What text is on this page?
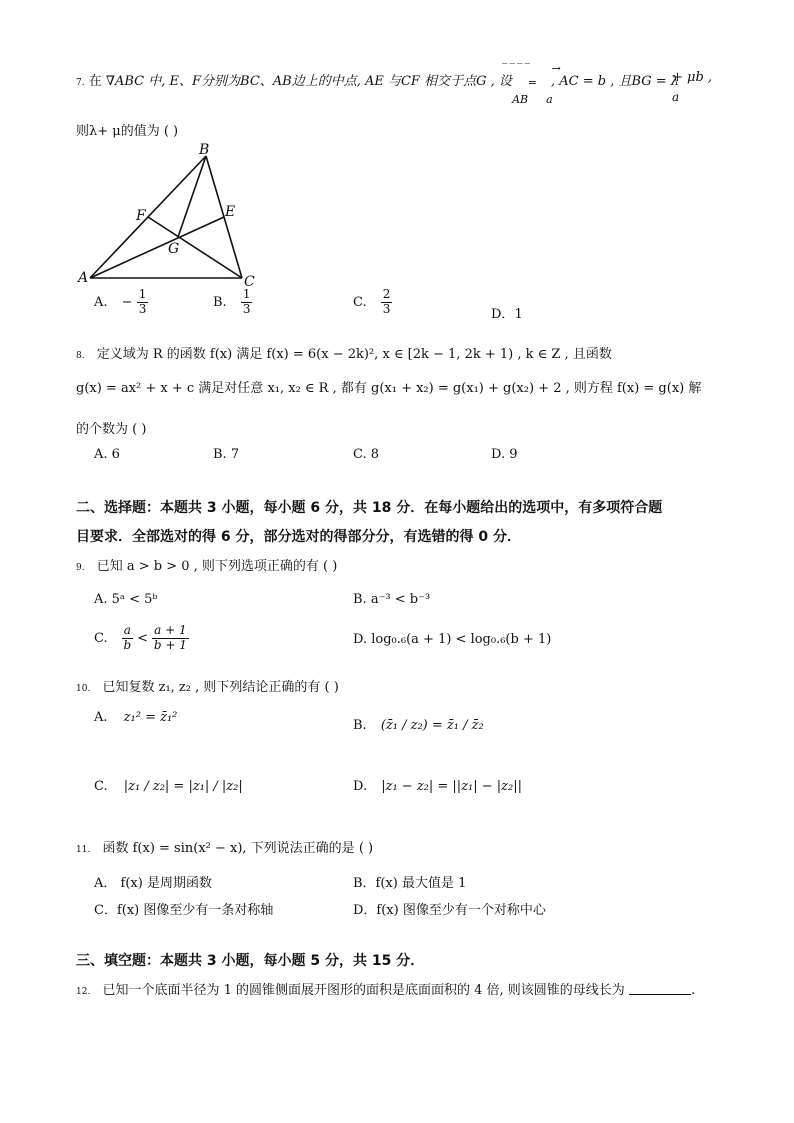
7. 在 ∇ABC 中, E、F分别为BC、AB边上的中点, AE 与CF 相交于点G , 设
‾‾‾‾ →
=
AB a
, AC = b , 且BG = λ
a
+ μb ,
则λ+ μ的值为 ( )
B
F	E
G
A	C
A. − $\frac{1}{3}$	B. $\frac{1}{3}$	C. $\frac{2}{3}$	D．1
8. 定义域为 R 的函数 f(x) 满足 f(x) = 6(x − 2k)², x ∈ [2k − 1, 2k + 1) , k ∈ Z , 且函数
g(x) = ax² + x + c 满足对任意 x₁, x₂ ∈ R , 都有 g(x₁ + x₂) = g(x₁) + g(x₂) + 2 , 则方程 f(x) = g(x) 解
的个数为 ( )
A. 6	B. 7	C. 8	D. 9
二、选择题：本题共 3 小题，每小题 6 分，共 18 分．在每小题给出的选项中，有多项符合题
目要求．全部选对的得 6 分，部分选对的得部分分，有选错的得 0 分．
9. 已知 a > b > 0 , 则下列选项正确的有 ( )
A. 5ᵃ < 5ᵇ	B. a⁻³ < b⁻³
C. $\frac{a}{b} < \frac{a + 1}{b + 1}$	D. log₀.₆(a + 1) < log₀.₆(b + 1)
10. 已知复数 z₁, z₂ , 则下列结论正确的有 ( )
A. z₁² = z̄₁²
B. (z̄₁ / z₂) = z̄₁ / z̄₂
C. |z₁ / z₂| = |z₁| / |z₂|	D. |z₁ − z₂| = ||z₁| − |z₂||
11. 函数 f(x) = sin(x² − x), 下列说法正确的是 ( )
A． f(x) 是周期函数	B．f(x) 最大值是 1
C．f(x) 图像至少有一条对称轴	D．f(x) 图像至少有一个对称中心
三、填空题：本题共 3 小题，每小题 5 分，共 15 分．
12. 已知一个底面半径为 1 的圆锥侧面展开图形的面积是底面面积的 4 倍, 则该圆锥的母线长为	.
